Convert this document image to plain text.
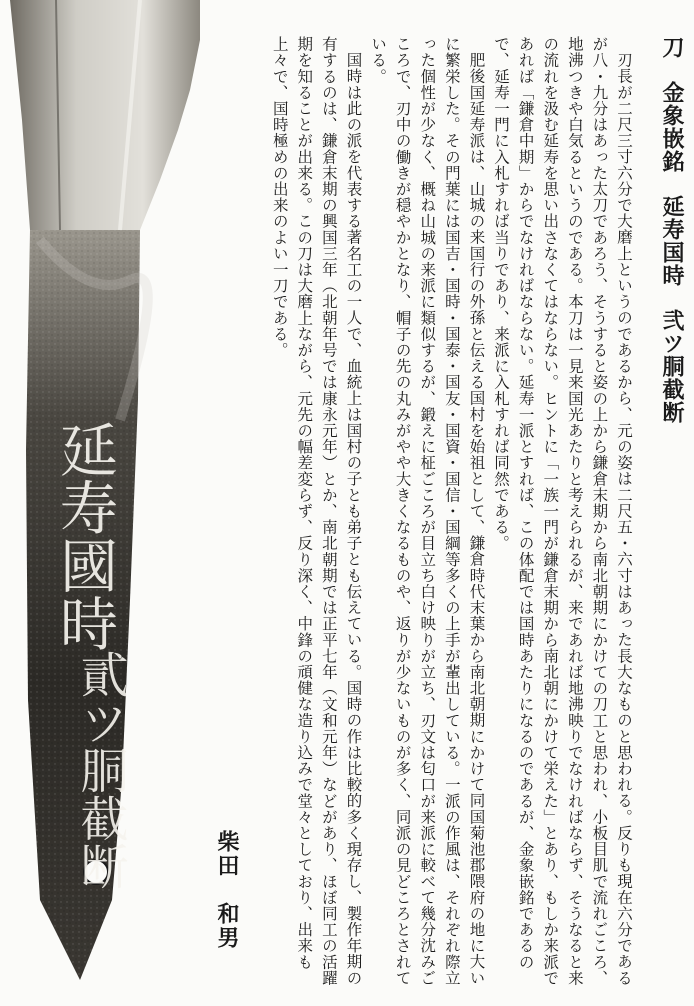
延寿國時
貳ツ胴截断

刀金象嵌銘延寿国時弐ツ胴截断

刃長が二尺三寸六分で大磨上というのであるから、元の姿は二尺五・六寸はあった長大なものと思われる。反りも現在六分であるが八・九分はあった太刀であろう、そうすると姿の上から鎌倉末期から南北朝期にかけての刀工と思われ、小板目肌で流れごころ、地沸つきや白気るというのである。本刀は一見来国光あたりと考えられるが、来であれば地沸映りでなければならず、そうなると来の流れを汲む延寿を思い出さなくてはならない。ヒントに「一族一門が鎌倉末期から南北朝にかけて栄えた」とあり、もしか来派であれば「鎌倉中期」からでなければならない。延寿一派とすれば、この体配では国時あたりになるのであるが、金象嵌銘であるので、延寿一門に入札すれば当りであり、来派に入札すれば同然である。

肥後国延寿派は、山城の来国行の外孫と伝える国村を始祖として、鎌倉時代末葉から南北朝期にかけて同国菊池郡隈府の地に大いに繁栄した。その門葉には国吉・国時・国泰・国友・国資・国信・国綱等多くの上手が輩出している。一派の作風は、それぞれ際立った個性が少なく、概ね山城の来派に類似するが、鍛えに柾ごころが目立ち白け映りが立ち、刃文は匂口が来派に較べて幾分沈みごころで、刃中の働きが穏やかとなり、帽子の先の丸みがやや大きくなるものや、返りが少ないものが多く、同派の見どころとされている。

国時は此の派を代表する著名工の一人で、血統上は国村の子とも弟子とも伝えている。国時の作は比較的多く現存し、製作年期の有するのは、鎌倉末期の興国三年（北朝年号では康永元年）とか、南北朝期では正平七年（文和元年）などがあり、ほぼ同工の活躍期を知ることが出来る。この刀は大磨上ながら、元先の幅差変らず、反り深く、中鋒の頑健な造り込みで堂々としており、出来も上々で、国時極めの出来のよい一刀である。

柴田和男
